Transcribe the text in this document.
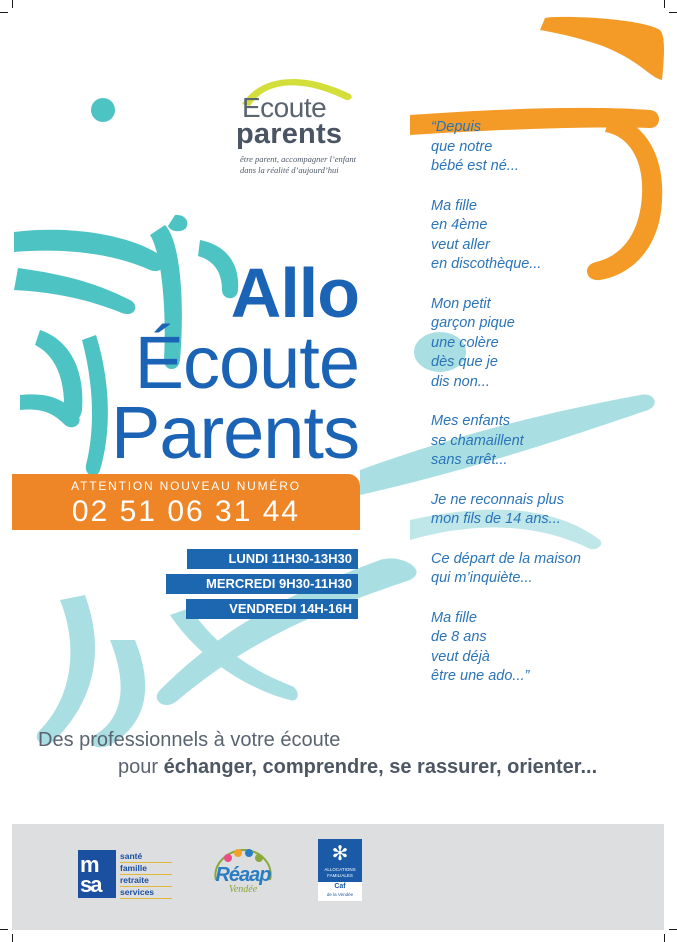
Ecoute
parents
être parent, accompagner l’enfant
dans la réalité d’aujourd’hui
Allo
Écoute
Parents
ATTENTION NOUVEAU NUMÉRO
02 51 06 31 44
LUNDI 11H30-13H30
MERCREDI 9H30-11H30
VENDREDI 14H-16H

“Depuis
que notre
bébé est né...

Ma fille
en 4ème
veut aller
en discothèque...

Mon petit
garçon pique
une colère
dès que je
dis non...

Mes enfants
se chamaillent
sans arrêt...

Je ne reconnais plus
mon fils de 14 ans...

Ce départ de la maison
qui m’inquiète...

Ma fille
de 8 ans
veut déjà
être une ado...”

Des professionnels à votre écoute
pour échanger, comprendre, se rassurer, orienter...
m
sa
santé
famille
retraite
services
Réaap
Vendée
✻
ALLOCATIONS
FAMILIALES
Caf
de la Vendée
